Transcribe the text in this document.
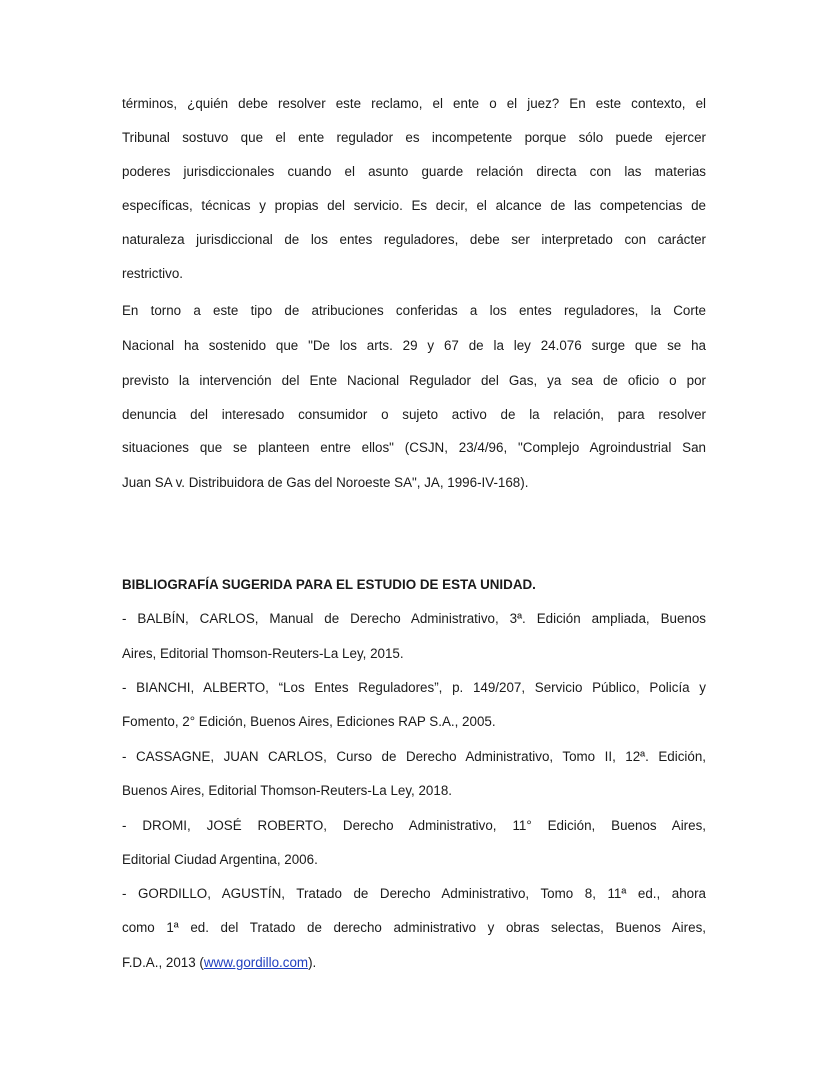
términos, ¿quién debe resolver este reclamo, el ente o el juez? En este contexto, el
Tribunal sostuvo que el ente regulador es incompetente porque sólo puede ejercer
poderes jurisdiccionales cuando el asunto guarde relación directa con las materias
específicas, técnicas y propias del servicio. Es decir, el alcance de las competencias de
naturaleza jurisdiccional de los entes reguladores, debe ser interpretado con carácter
restrictivo.
En torno a este tipo de atribuciones conferidas a los entes reguladores, la Corte
Nacional ha sostenido que "De los arts. 29 y 67 de la ley 24.076 surge que se ha
previsto la intervención del Ente Nacional Regulador del Gas, ya sea de oficio o por
denuncia del interesado consumidor o sujeto activo de la relación, para resolver
situaciones que se planteen entre ellos" (CSJN, 23/4/96, "Complejo Agroindustrial San
Juan SA v. Distribuidora de Gas del Noroeste SA", JA, 1996-IV-168).
BIBLIOGRAFÍA SUGERIDA PARA EL ESTUDIO DE ESTA UNIDAD.
- BALBÍN, CARLOS, Manual de Derecho Administrativo, 3ª. Edición ampliada, Buenos
Aires, Editorial Thomson-Reuters-La Ley, 2015.
- BIANCHI, ALBERTO, “Los Entes Reguladores”, p. 149/207, Servicio Público, Policía y
Fomento, 2° Edición, Buenos Aires, Ediciones RAP S.A., 2005.
- CASSAGNE, JUAN CARLOS, Curso de Derecho Administrativo, Tomo II, 12ª. Edición,
Buenos Aires, Editorial Thomson-Reuters-La Ley, 2018.
- DROMI, JOSÉ ROBERTO, Derecho Administrativo, 11° Edición, Buenos Aires,
Editorial Ciudad Argentina, 2006.
- GORDILLO, AGUSTÍN, Tratado de Derecho Administrativo, Tomo 8, 11ª ed., ahora
como 1ª ed. del Tratado de derecho administrativo y obras selectas, Buenos Aires,
F.D.A., 2013 (www.gordillo.com).
